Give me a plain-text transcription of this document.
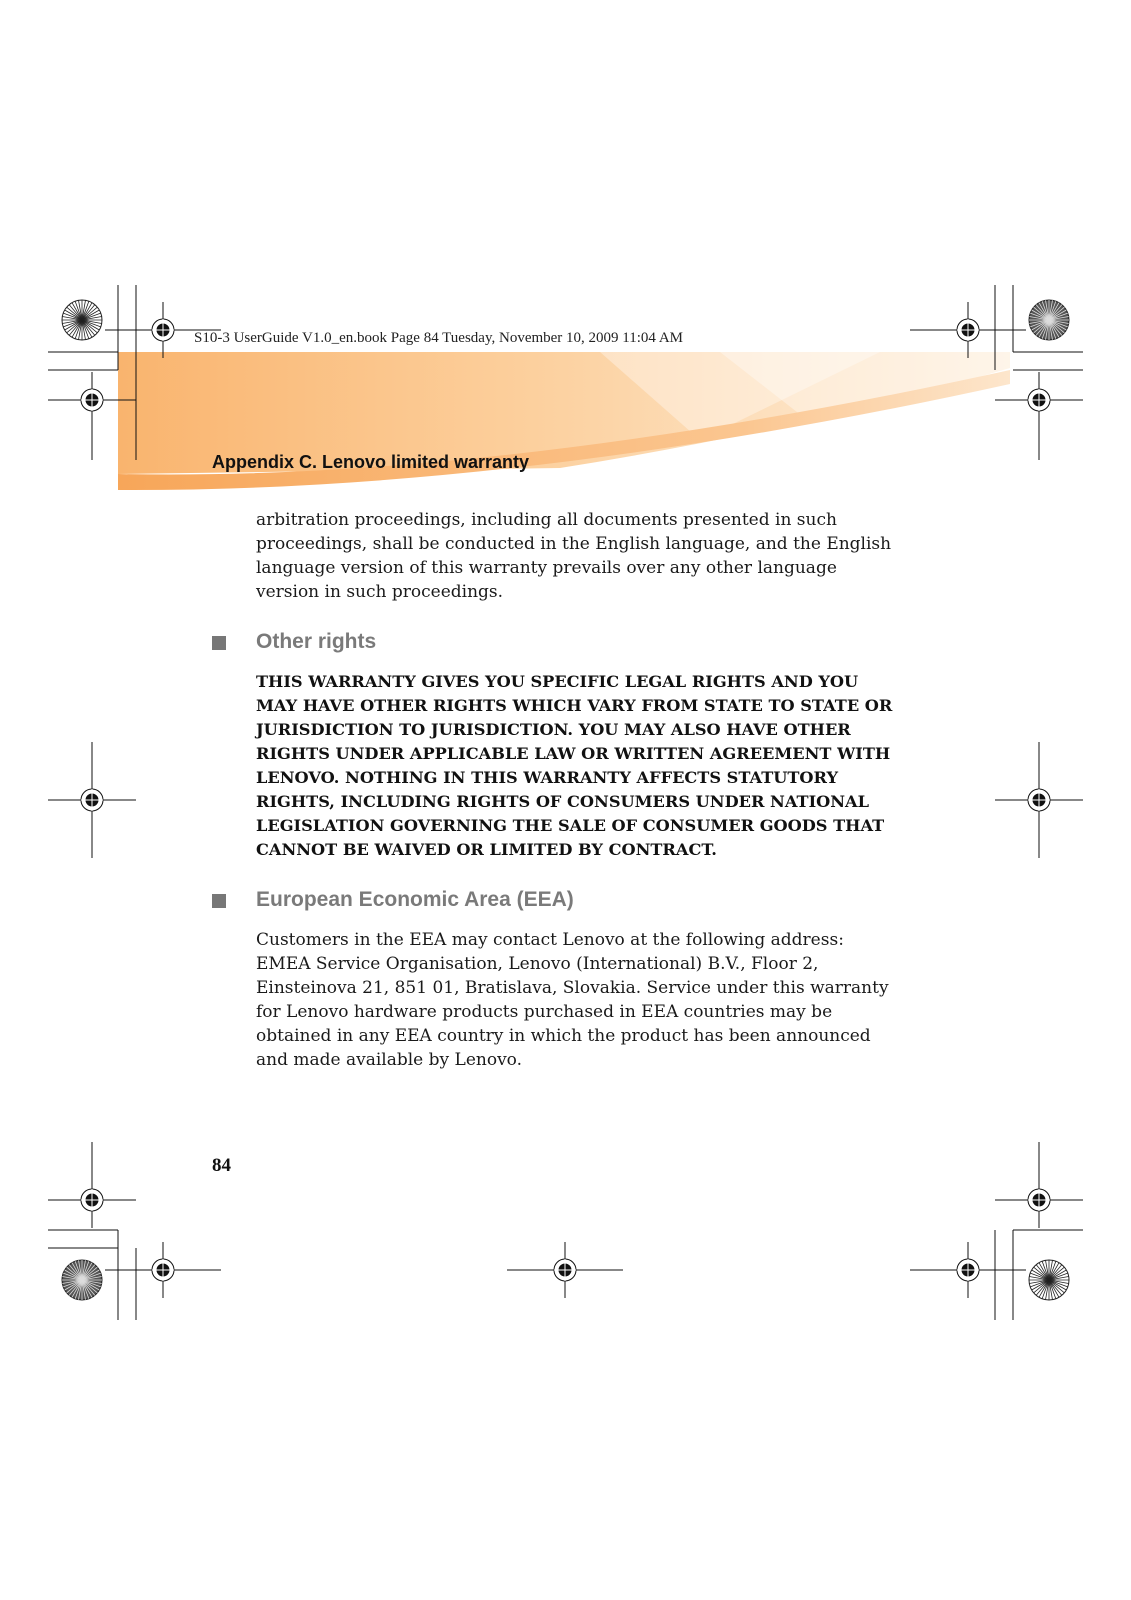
S10-3 UserGuide V1.0_en.book Page 84 Tuesday, November 10, 2009 11:04 AM
Appendix C. Lenovo limited warranty
arbitration proceedings, including all documents presented in such proceedings, shall be conducted in the English language, and the English language version of this warranty prevails over any other language version in such proceedings.
Other rights
THIS WARRANTY GIVES YOU SPECIFIC LEGAL RIGHTS AND YOU MAY HAVE OTHER RIGHTS WHICH VARY FROM STATE TO STATE OR JURISDICTION TO JURISDICTION. YOU MAY ALSO HAVE OTHER RIGHTS UNDER APPLICABLE LAW OR WRITTEN AGREEMENT WITH LENOVO. NOTHING IN THIS WARRANTY AFFECTS STATUTORY RIGHTS, INCLUDING RIGHTS OF CONSUMERS UNDER NATIONAL LEGISLATION GOVERNING THE SALE OF CONSUMER GOODS THAT CANNOT BE WAIVED OR LIMITED BY CONTRACT.
European Economic Area (EEA)
Customers in the EEA may contact Lenovo at the following address: EMEA Service Organisation, Lenovo (International) B.V., Floor 2, Einsteinova 21, 851 01, Bratislava, Slovakia. Service under this warranty for Lenovo hardware products purchased in EEA countries may be obtained in any EEA country in which the product has been announced and made available by Lenovo.
84
